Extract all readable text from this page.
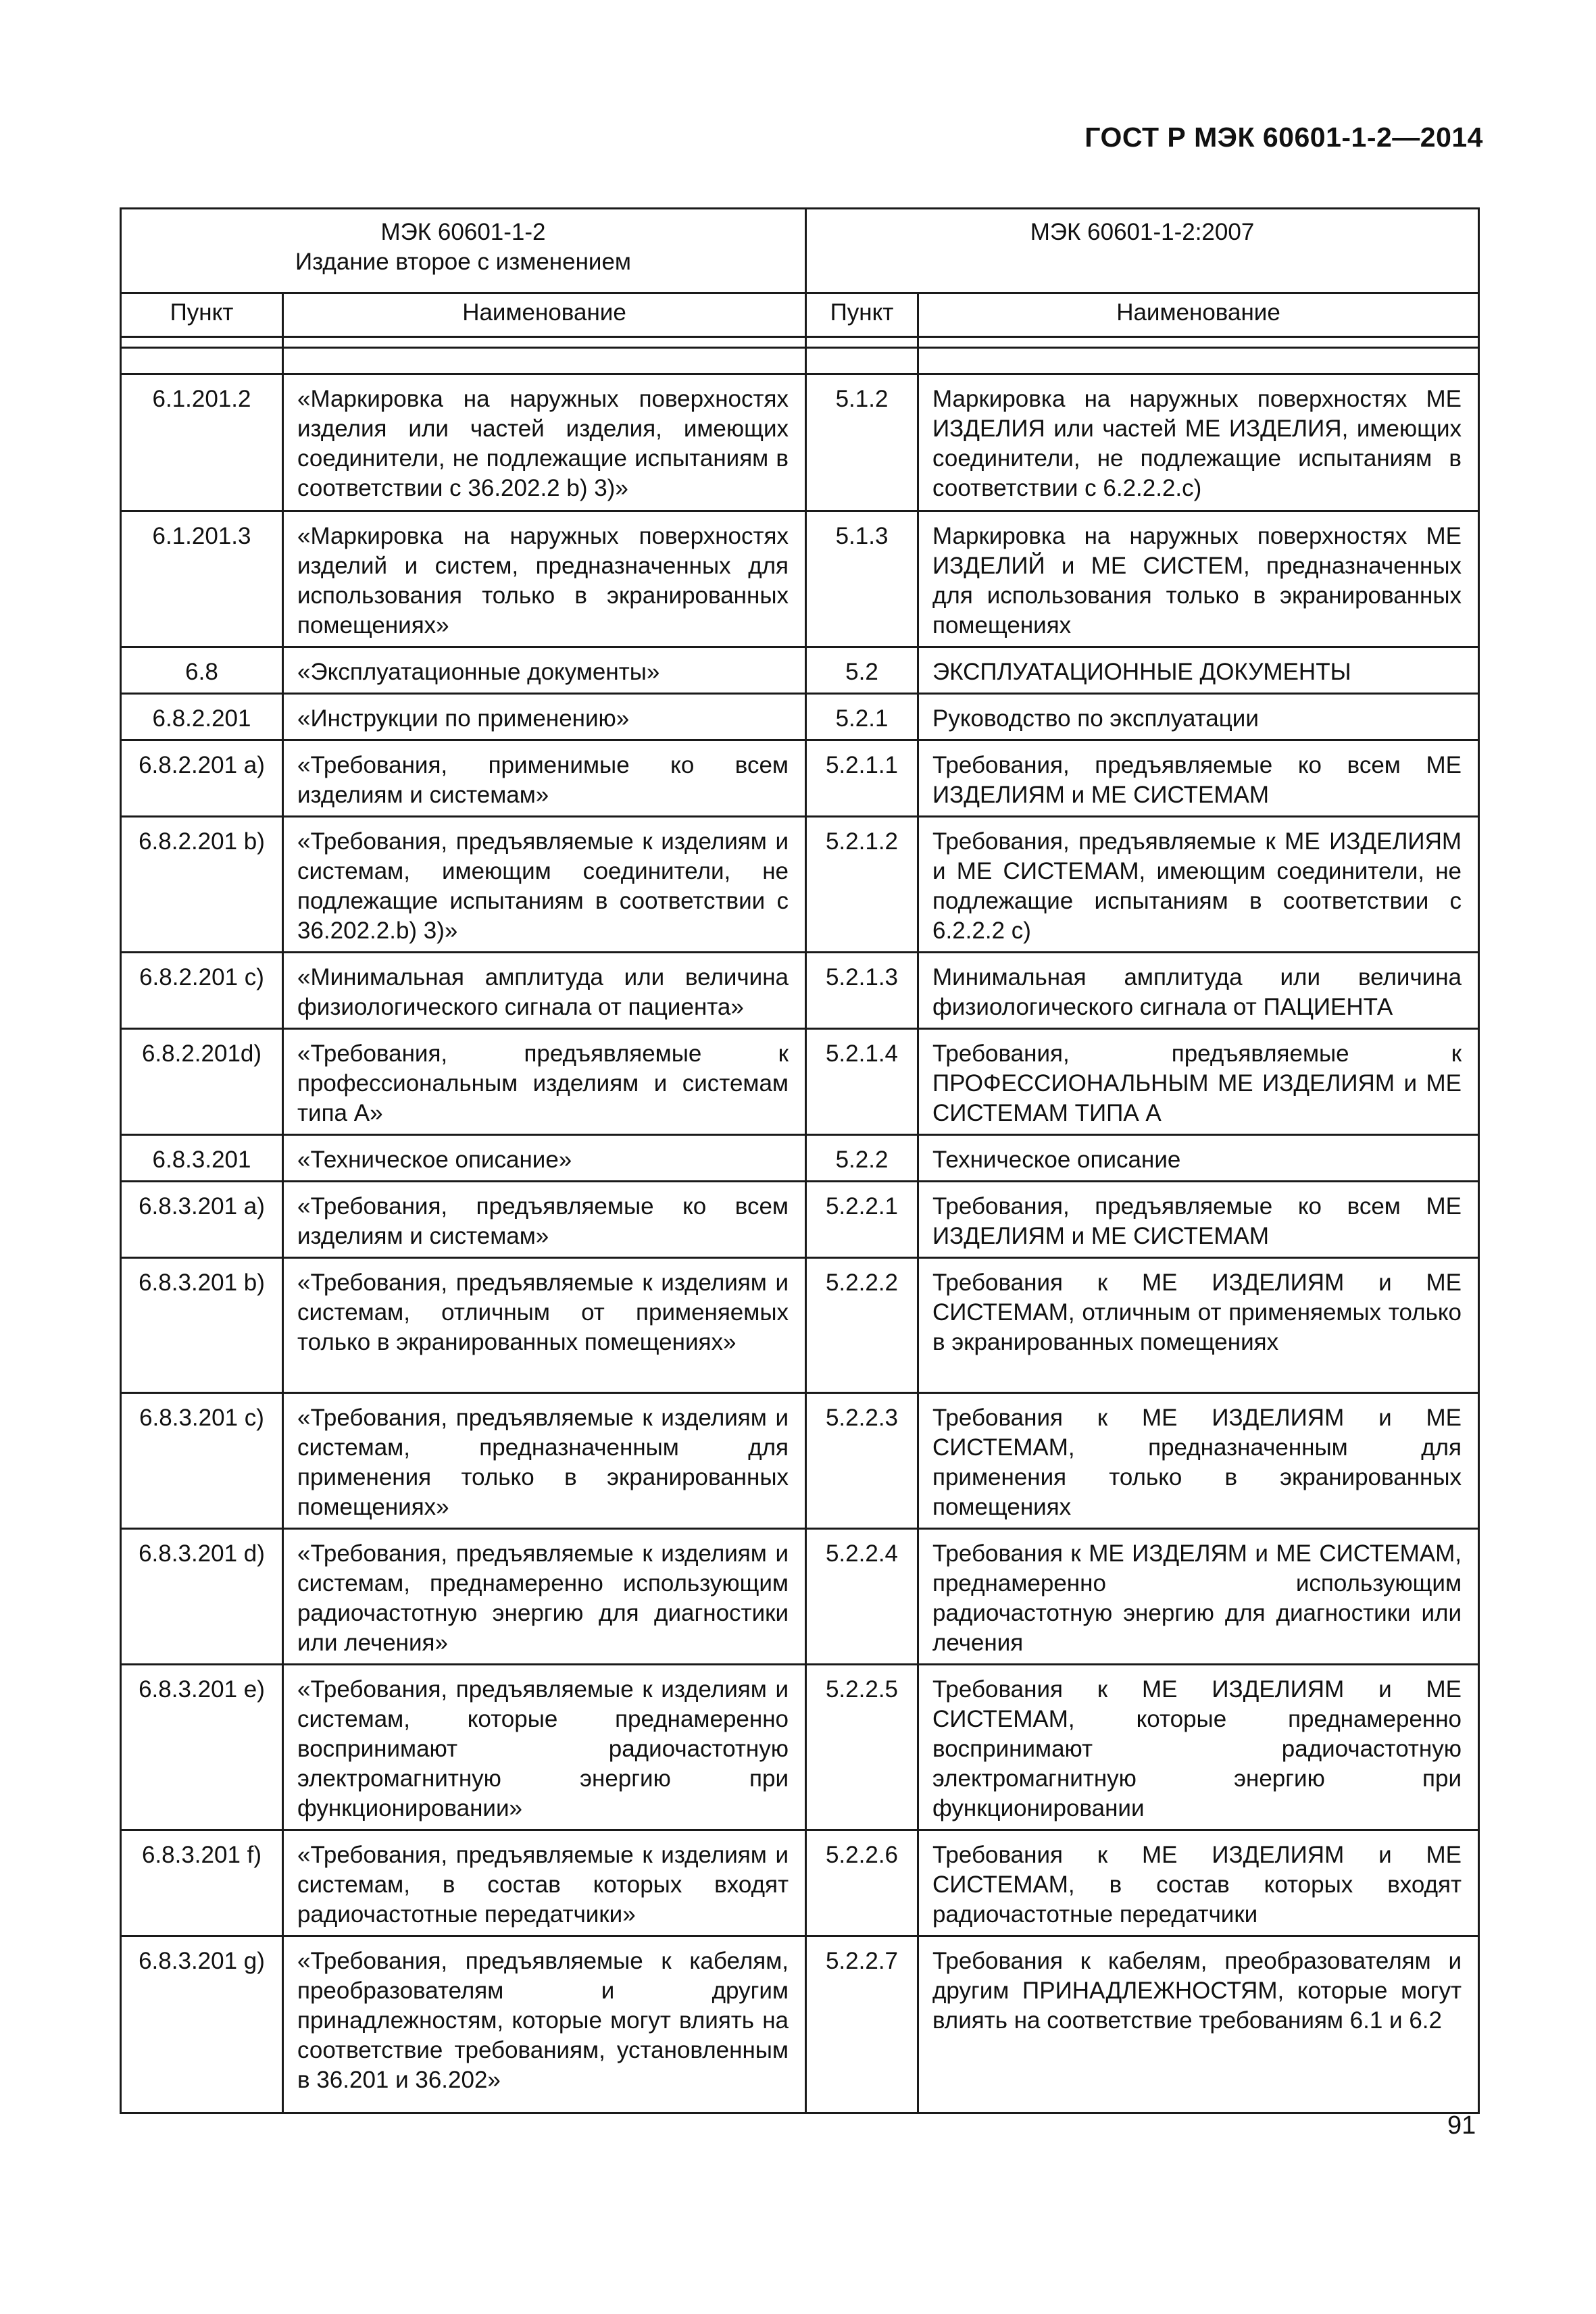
ГОСТ Р МЭК 60601-1-2—2014
МЭК 60601-1-2
Издание второе с изменением		МЭК 60601-1-2:2007	
Пункт	Наименование	Пункт	Наименование

6.1.201.2	«Маркировка на наружных поверхностях изделия или частей изделия, имеющих соединители, не подлежащие испытаниям в соответствии с 36.202.2 b) 3)»	5.1.2	Маркировка на наружных поверхностях МЕ ИЗДЕЛИЯ или частей МЕ ИЗДЕЛИЯ, имеющих соединители, не подлежащие испытаниям в соответствии с 6.2.2.2.с)
6.1.201.3	«Маркировка на наружных поверхностях изделий и систем, предназначенных для использования только в экранированных помещениях»	5.1.3	Маркировка на наружных поверхностях МЕ ИЗДЕЛИЙ и МЕ СИСТЕМ, предназначенных для использования только в экранированных помещениях
6.8	«Эксплуатационные документы»	5.2	ЭКСПЛУАТАЦИОННЫЕ ДОКУМЕНТЫ
6.8.2.201	«Инструкции по применению»	5.2.1	Руководство по эксплуатации
6.8.2.201 a)	«Требования, применимые ко всем изделиям и системам»	5.2.1.1	Требования, предъявляемые ко всем МЕ ИЗДЕЛИЯМ и МЕ СИСТЕМАМ
6.8.2.201 b)	«Требования, предъявляемые к изделиям и системам, имеющим соединители, не подлежащие испытаниям в соответствии с 36.202.2.b) 3)»	5.2.1.2	Требования, предъявляемые к МЕ ИЗДЕЛИЯМ и МЕ СИСТЕМАМ, имеющим соединители, не подлежащие испытаниям в соответствии с 6.2.2.2 с)
6.8.2.201 с)	«Минимальная амплитуда или величина физиологического сигнала от пациента»	5.2.1.3	Минимальная амплитуда или величина физиологического сигнала от ПАЦИЕНТА
6.8.2.201d)	«Требования, предъявляемые к профессиональным изделиям и системам типа А»	5.2.1.4	Требования, предъявляемые к ПРОФЕССИОНАЛЬНЫМ МЕ ИЗДЕЛИЯМ и МЕ СИСТЕМАМ ТИПА А
6.8.3.201	«Техническое описание»	5.2.2	Техническое описание
6.8.3.201 а)	«Требования, предъявляемые ко всем изделиям и системам»	5.2.2.1	Требования, предъявляемые ко всем МЕ ИЗДЕЛИЯМ и МЕ СИСТЕМАМ
6.8.3.201 b)	«Требования, предъявляемые к изделиям и системам, отличным от применяемых только в экранированных помещениях»	5.2.2.2	Требования к МЕ ИЗДЕЛИЯМ и МЕ СИСТЕМАМ, отличным от применяемых только в экранированных помещениях
6.8.3.201 с)	«Требования, предъявляемые к изделиям и системам, предназначенным для применения только в экранированных помещениях»	5.2.2.3	Требования к МЕ ИЗДЕЛИЯМ и МЕ СИСТЕМАМ, предназначенным для применения только в экранированных помещениях
6.8.3.201 d)	«Требования, предъявляемые к изделиям и системам, преднамеренно использующим радиочастотную энергию для диагностики или лечения»	5.2.2.4	Требования к МЕ ИЗДЕЛЯМ и МЕ СИСТЕМАМ, преднамеренно использующим радиочастотную энергию для диагностики или лечения
6.8.3.201 е)	«Требования, предъявляемые к изделиям и системам, которые преднамеренно воспринимают радиочастотную электромагнитную энергию при функционировании»	5.2.2.5	Требования к МЕ ИЗДЕЛИЯМ и МЕ СИСТЕМАМ, которые преднамеренно воспринимают радиочастотную электромагнитную энергию при функционировании
6.8.3.201 f)	«Требования, предъявляемые к изделиям и системам, в состав которых входят радиочастотные передатчики»	5.2.2.6	Требования к МЕ ИЗДЕЛИЯМ и МЕ СИСТЕМАМ, в состав которых входят радиочастотные передатчики
6.8.3.201 g)	«Требования, предъявляемые к кабелям, преобразователям и другим принадлежностям, которые могут влиять на соответствие требованиям, установленным в 36.201 и 36.202»	5.2.2.7	Требования к кабелям, преобразователям и другим ПРИНАДЛЕЖНОСТЯМ, которые могут влиять на соответствие требованиям 6.1 и 6.2
91
